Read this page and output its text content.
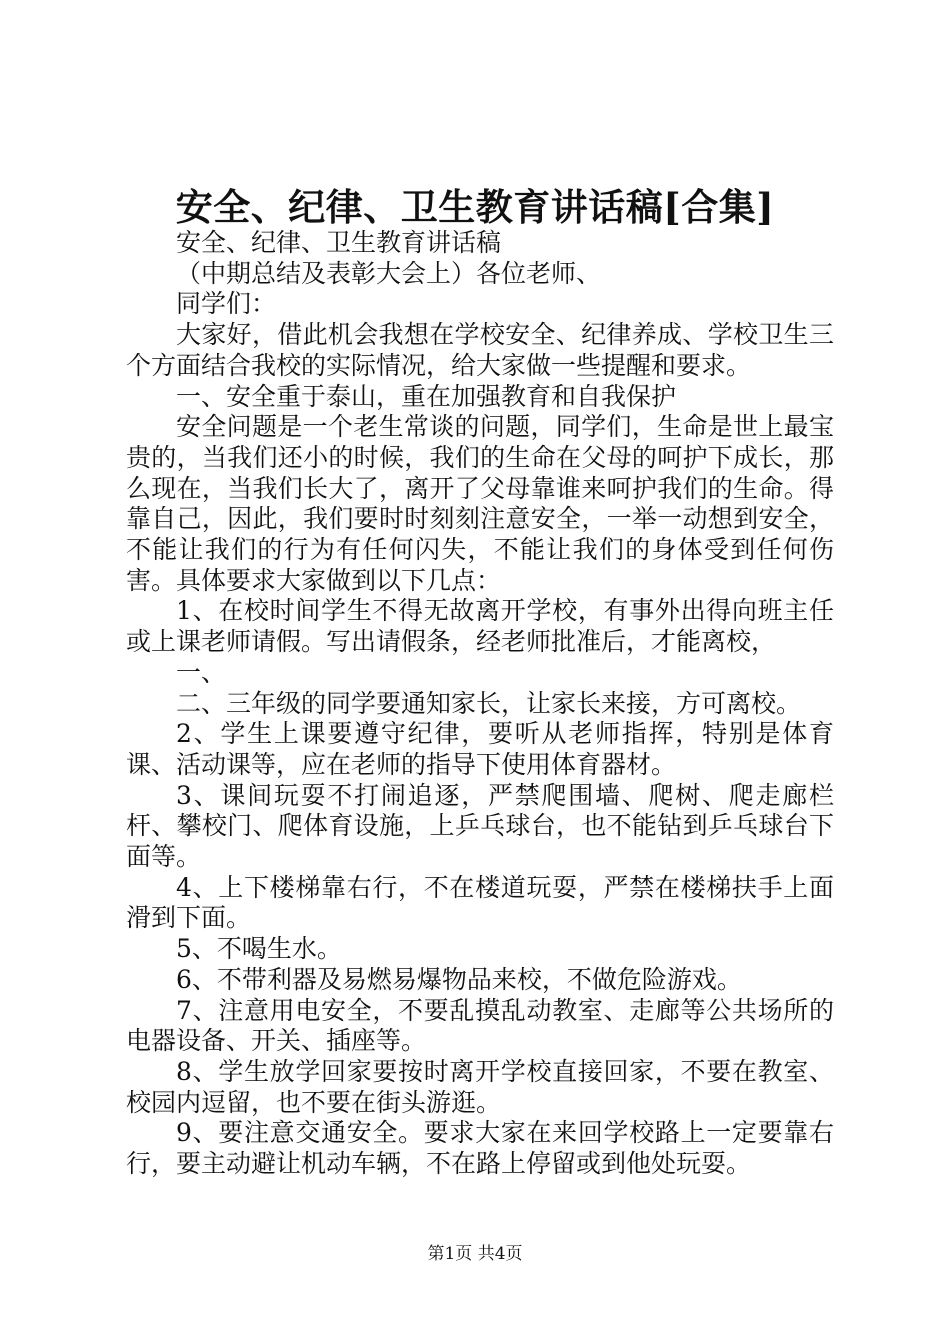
安全、纪律、卫生教育讲话稿[合集]

安全、纪律、卫生教育讲话稿

（中期总结及表彰大会上）各位老师、

同学们：

大家好，借此机会我想在学校安全、纪律养成、学校卫生三个方面结合我校的实际情况，给大家做一些提醒和要求。

一、安全重于泰山，重在加强教育和自我保护

安全问题是一个老生常谈的问题，同学们，生命是世上最宝贵的，当我们还小的时候，我们的生命在父母的呵护下成长，那么现在，当我们长大了，离开了父母靠谁来呵护我们的生命。得靠自己，因此，我们要时时刻刻注意安全，一举一动想到安全，不能让我们的行为有任何闪失，不能让我们的身体受到任何伤害。具体要求大家做到以下几点：

1、在校时间学生不得无故离开学校，有事外出得向班主任或上课老师请假。写出请假条，经老师批准后，才能离校，

一、

二、三年级的同学要通知家长，让家长来接，方可离校。

2、学生上课要遵守纪律，要听从老师指挥，特别是体育课、活动课等，应在老师的指导下使用体育器材。

3、课间玩耍不打闹追逐，严禁爬围墙、爬树、爬走廊栏杆、攀校门、爬体育设施，上乒乓球台，也不能钻到乒乓球台下面等。

4、上下楼梯靠右行，不在楼道玩耍，严禁在楼梯扶手上面滑到下面。

5、不喝生水。

6、不带利器及易燃易爆物品来校，不做危险游戏。

7、注意用电安全，不要乱摸乱动教室、走廊等公共场所的电器设备、开关、插座等。

8、学生放学回家要按时离开学校直接回家，不要在教室、校园内逗留，也不要在街头游逛。

9、要注意交通安全。要求大家在来回学校路上一定要靠右行，要主动避让机动车辆，不在路上停留或到他处玩耍。

第1页 共4页
